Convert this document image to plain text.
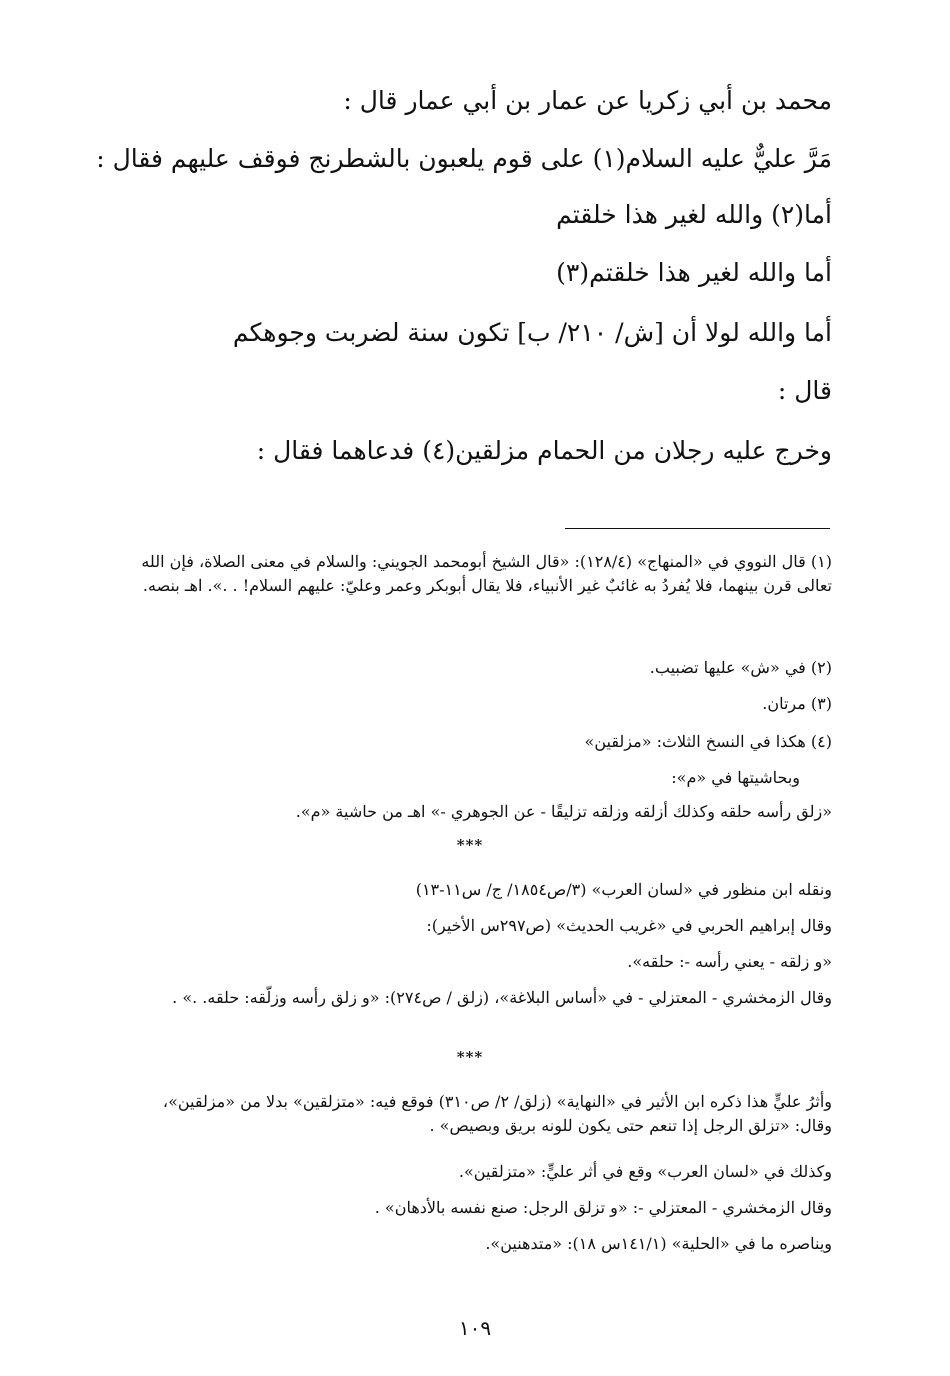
محمد بن أبي زكريا عن عمار بن أبي عمار قال :
مَرَّ عليٌّ عليه السلام(١) على قوم يلعبون بالشطرنج فوقف عليهم فقال :
أما(٢) والله لغير هذا خلقتم
أما والله لغير هذا خلقتم(٣)
أما والله لولا أن [ش/ ٢١٠/ ب] تكون سنة لضربت وجوهكم
قال :
وخرج عليه رجلان من الحمام مزلقين(٤) فدعاهما فقال :
(١) قال النووي في «المنهاج» (١٢٨/٤): «قال الشيخ أبومحمد الجويني: والسلام في معنى الصلاة، فإن الله تعالى قرن بينهما، فلا يُفردُ به غائبٌ غير الأنبياء، فلا يقال أبوبكر وعمر وعليّ: عليهم السلام! . .». اهـ بنصه.
(٢) في «ش» عليها تضبيب.
(٣) مرتان.
(٤) هكذا في النسخ الثلاث: «مزلقين»
وبحاشيتها في «م»:
«زلق رأسه حلقه وكذلك أزلقه وزلقه تزليقًا - عن الجوهري -» اهـ من حاشية «م».
***
ونقله ابن منظور في «لسان العرب» (٣/ص١٨٥٤/ ج/ س١١-١٣)
وقال إبراهيم الحربي في «غريب الحديث» (ص٢٩٧س الأخير):
«و زلقه - يعني رأسه -: حلقه».
وقال الزمخشري - المعتزلي - في «أساس البلاغة»، (زلق / ص٢٧٤): «و زلق رأسه وزلّقه: حلقه. .» .
***
وأثرُ عليٍّ هذا ذكره ابن الأثير في «النهاية» (زلق/ ٢/ ص٣١٠) فوقع فيه: «متزلقين» بدلا من «مزلقين»، وقال: «تزلق الرجل إذا تنعم حتى يكون للونه بريق وبصيص» .
وكذلك في «لسان العرب» وقع في أثر عليٍّ: «متزلقين».
وقال الزمخشري - المعتزلي -: «و تزلق الرجل: صنع نفسه بالأدهان» .
ويناصره ما في «الحلية» (١٤١/١س ١٨): «متدهنين».
١٠٩
